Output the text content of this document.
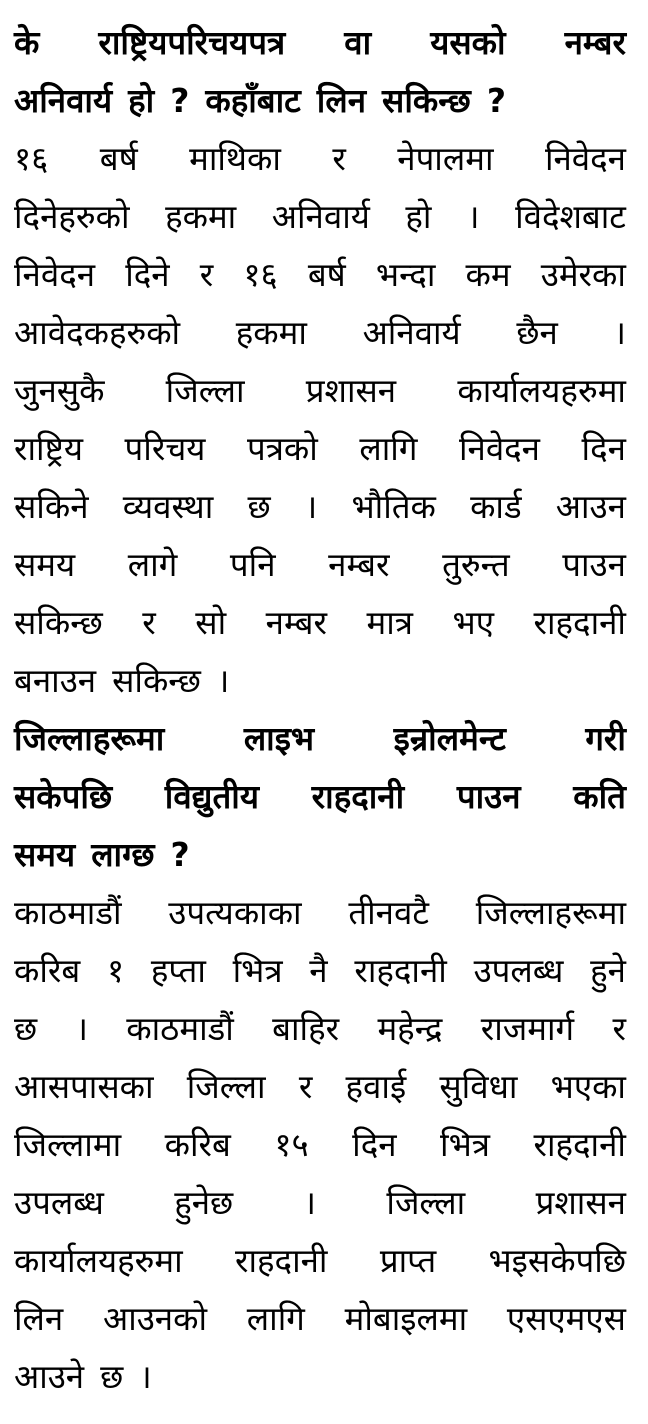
के राष्ट्रियपरिचयपत्र वा यसको नम्बर
अनिवार्य हो ? कहाँबाट लिन सकिन्छ ?
१६ बर्ष माथिका र नेपालमा निवेदन
दिनेहरुको हकमा अनिवार्य हो । विदेशबाट
निवेदन दिने र १६ बर्ष भन्दा कम उमेरका
आवेदकहरुको हकमा अनिवार्य छैन ।
जुनसुकै जिल्ला प्रशासन कार्यालयहरुमा
राष्ट्रिय परिचय पत्रको लागि निवेदन दिन
सकिने व्यवस्था छ । भौतिक कार्ड आउन
समय लागे पनि नम्बर तुरुन्त पाउन
सकिन्छ र सो नम्बर मात्र भए राहदानी
बनाउन सकिन्छ ।
जिल्लाहरूमा लाइभ इन्रोलमेन्ट गरी
सकेपछि विद्युतीय राहदानी पाउन कति
समय लाग्छ ?
काठमाडौं उपत्यकाका तीनवटै जिल्लाहरूमा
करिब १ हप्ता भित्र नै राहदानी उपलब्ध हुने
छ । काठमाडौं बाहिर महेन्द्र राजमार्ग र
आसपासका जिल्ला र हवाई सुविधा भएका
जिल्लामा करिब १५ दिन भित्र राहदानी
उपलब्ध हुनेछ । जिल्ला प्रशासन
कार्यालयहरुमा राहदानी प्राप्त भइसकेपछि
लिन आउनको लागि मोबाइलमा एसएमएस
आउने छ ।
